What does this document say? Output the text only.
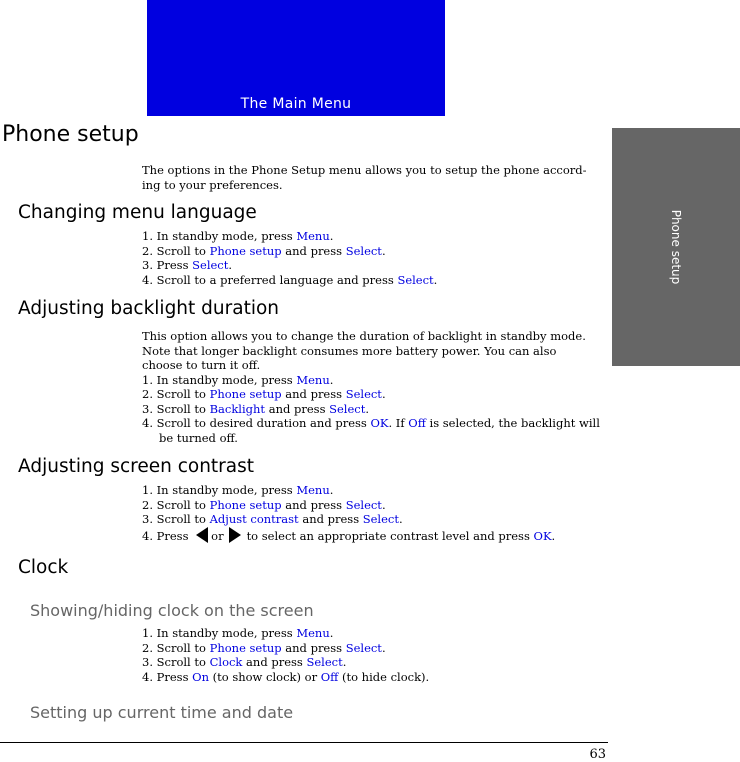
The Main Menu
Phone setup
Phone setup
The options in the Phone Setup menu allows you to setup the phone accord-
ing to your preferences.
Changing menu language
1. In standby mode, press Menu.
2. Scroll to Phone setup and press Select.
3. Press Select.
4. Scroll to a preferred language and press Select.
Adjusting backlight duration
This option allows you to change the duration of backlight in standby mode.
Note that longer backlight consumes more battery power. You can also
choose to turn it off.
1. In standby mode, press Menu.
2. Scroll to Phone setup and press Select.
3. Scroll to Backlight and press Select.
4. Scroll to desired duration and press OK. If Off is selected, the backlight will
be turned off.
Adjusting screen contrast
1. In standby mode, press Menu.
2. Scroll to Phone setup and press Select.
3. Scroll to Adjust contrast and press Select.
4. Press or to select an appropriate contrast level and press OK.
Clock
Showing/hiding clock on the screen
1. In standby mode, press Menu.
2. Scroll to Phone setup and press Select.
3. Scroll to Clock and press Select.
4. Press On (to show clock) or Off (to hide clock).
Setting up current time and date
63
